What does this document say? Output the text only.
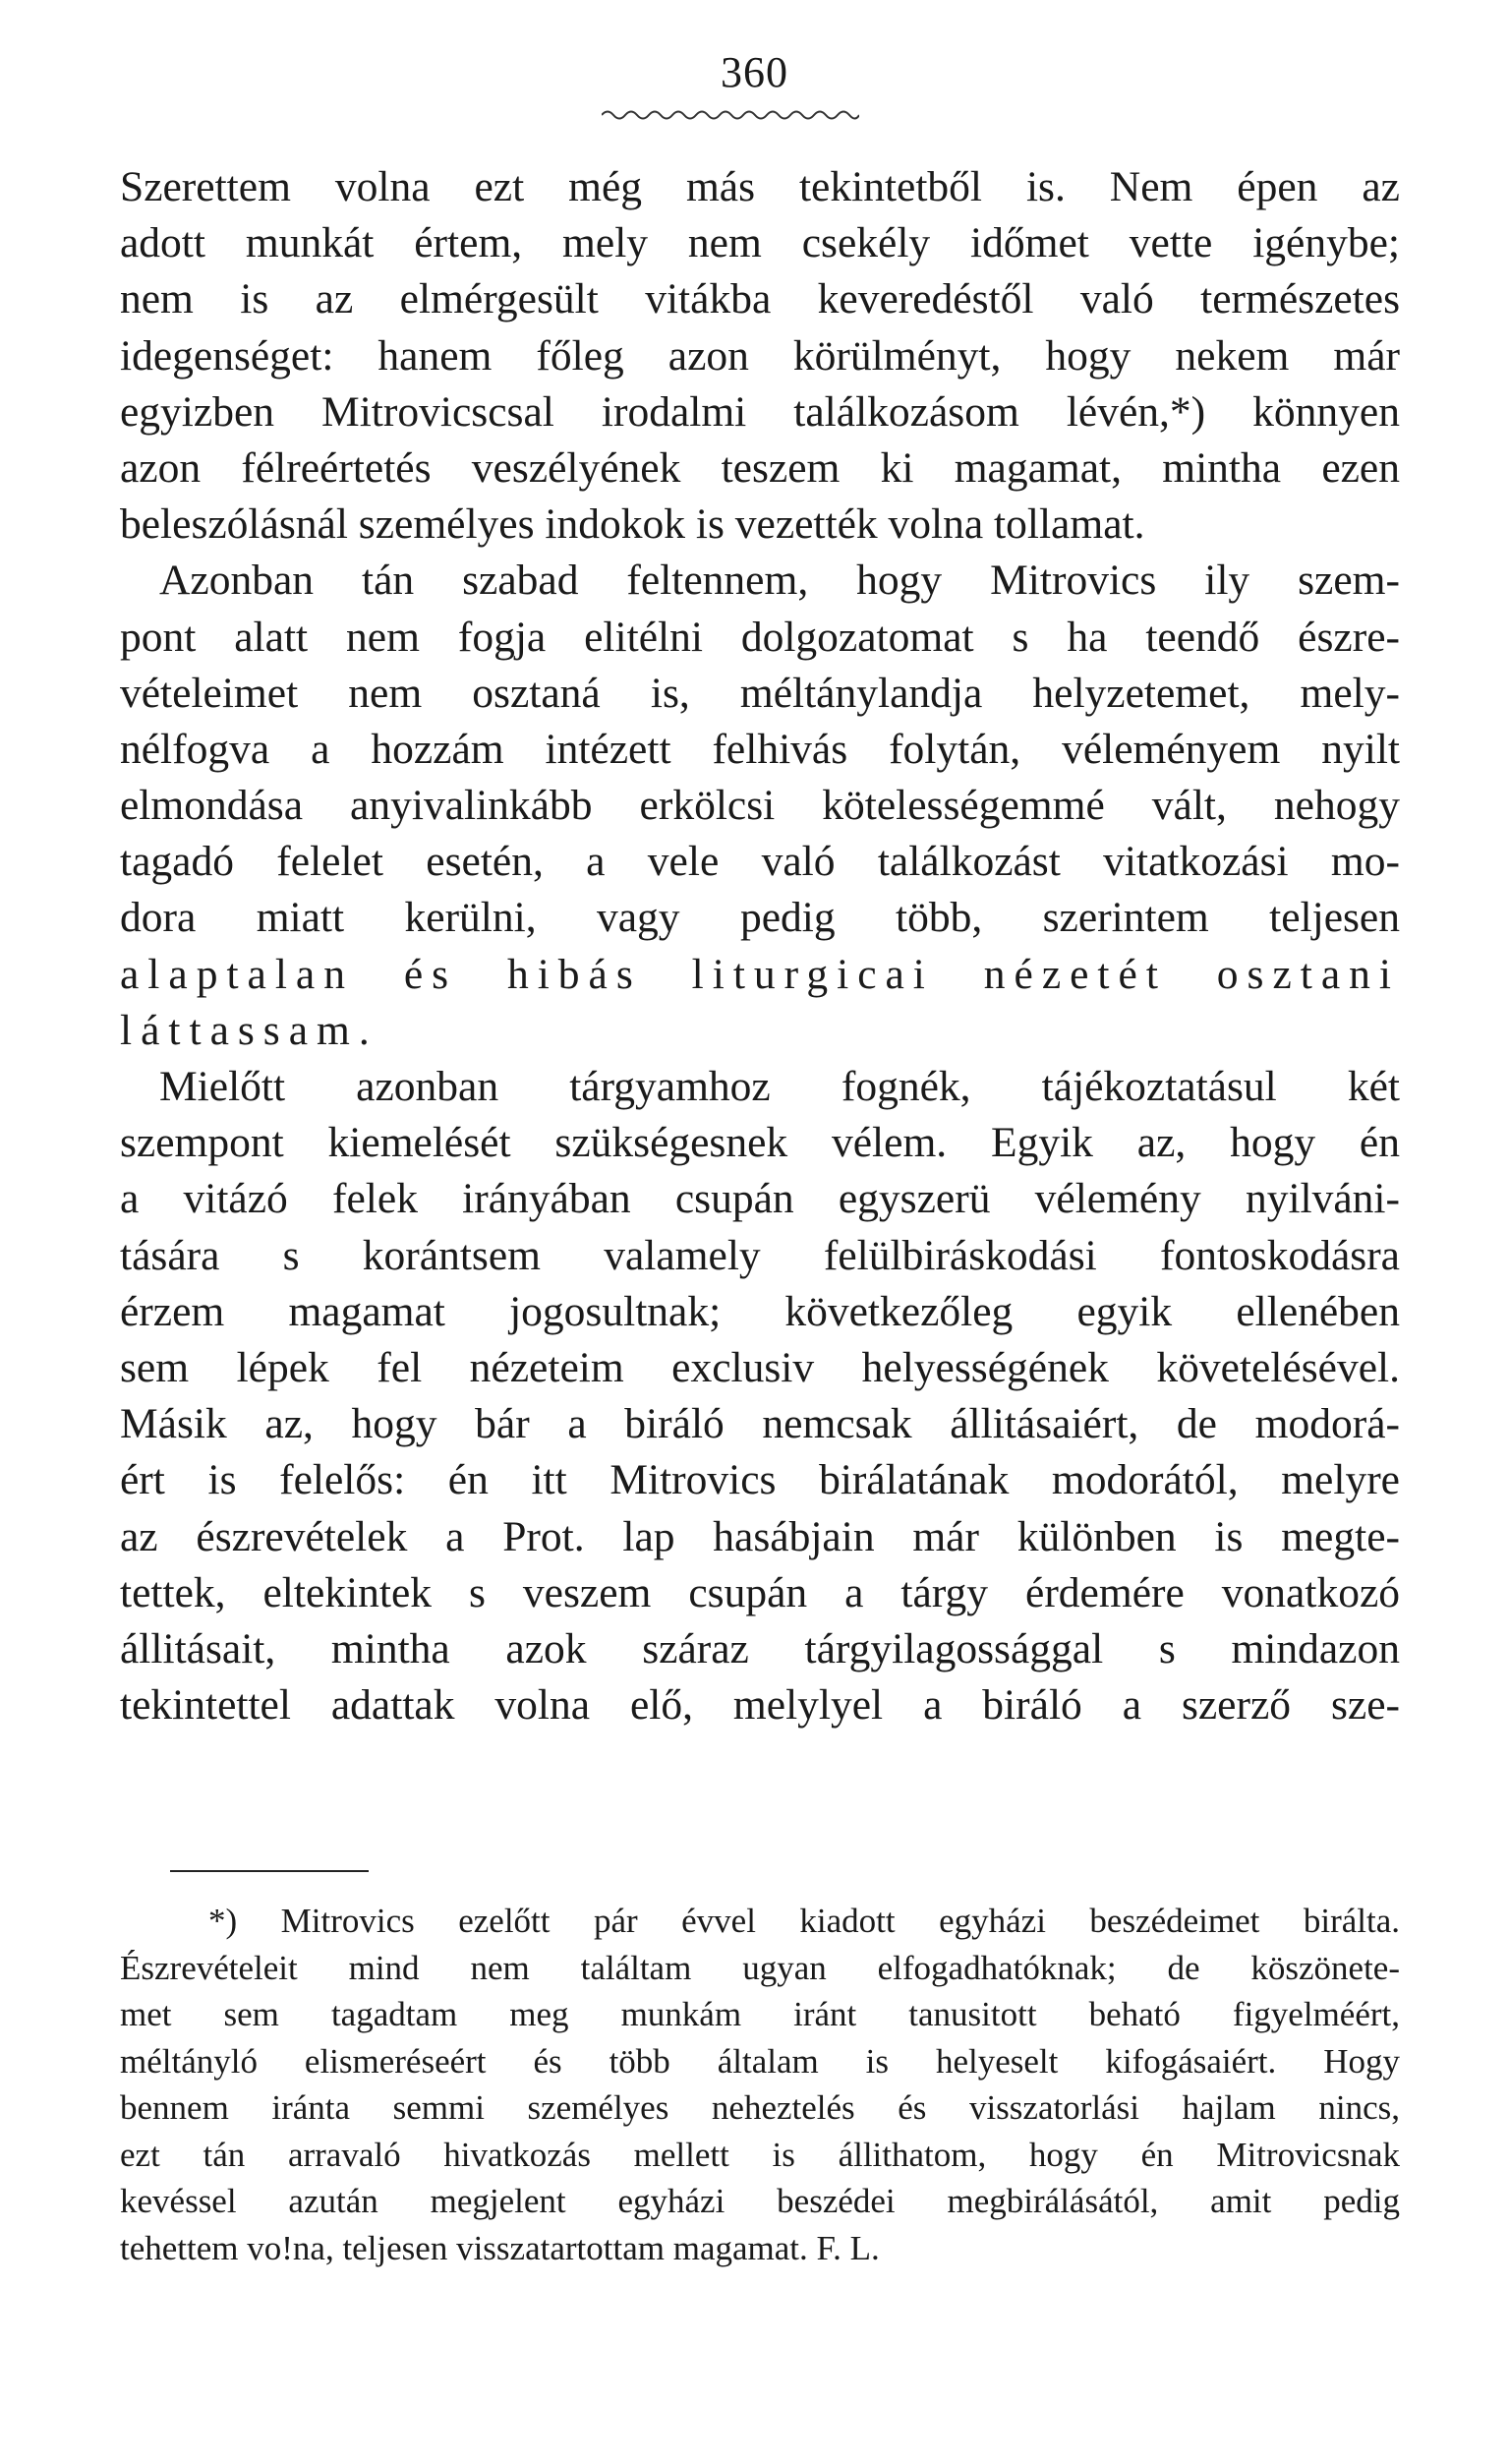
360
Szerettem volna ezt még más tekintetből is. Nem épen az
adott munkát értem, mely nem csekély időmet vette igénybe;
nem is az elmérgesült vitákba keveredéstől való természetes
idegenséget: hanem főleg azon körülményt, hogy nekem már
egyizben Mitrovicscsal irodalmi találkozásom lévén,*) könnyen
azon félreértetés veszélyének teszem ki magamat, mintha ezen
beleszólásnál személyes indokok is vezették volna tollamat.
Azonban tán szabad feltennem, hogy Mitrovics ily szem-
pont alatt nem fogja elitélni dolgozatomat s ha teendő észre-
vételeimet nem osztaná is, méltánylandja helyzetemet, mely-
nélfogva a hozzám intézett felhivás folytán, véleményem nyilt
elmondása anyivalinkább erkölcsi kötelességemmé vált, nehogy
tagadó felelet esetén, a vele való találkozást vitatkozási mo-
dora miatt kerülni, vagy pedig több, szerintem teljesen
alaptalan és hibás liturgicai nézetét osztani
láttassam.
Mielőtt azonban tárgyamhoz fognék, tájékoztatásul két
szempont kiemelését szükségesnek vélem. Egyik az, hogy én
a vitázó felek irányában csupán egyszerü vélemény nyilváni-
tására s korántsem valamely felülbiráskodási fontoskodásra
érzem magamat jogosultnak; következőleg egyik ellenében
sem lépek fel nézeteim exclusiv helyességének követelésével.
Másik az, hogy bár a biráló nemcsak állitásaiért, de modorá-
ért is felelős: én itt Mitrovics birálatának modorától, melyre
az észrevételek a Prot. lap hasábjain már különben is megte-
tettek, eltekintek s veszem csupán a tárgy érdemére vonatkozó
állitásait, mintha azok száraz tárgyilagossággal s mindazon
tekintettel adattak volna elő, melylyel a biráló a szerző sze-
*) Mitrovics ezelőtt pár évvel kiadott egyházi beszédeimet birálta.
Észrevételeit mind nem találtam ugyan elfogadhatóknak; de köszönete-
met sem tagadtam meg munkám iránt tanusitott beható figyelméért,
méltányló elismeréseért és több általam is helyeselt kifogásaiért. Hogy
bennem iránta semmi személyes neheztelés és visszatorlási hajlam nincs,
ezt tán arravaló hivatkozás mellett is állithatom, hogy én Mitrovicsnak
kevéssel azután megjelent egyházi beszédei megbirálásától, amit pedig
tehettem vo!na, teljesen visszatartottam magamat. F. L.
